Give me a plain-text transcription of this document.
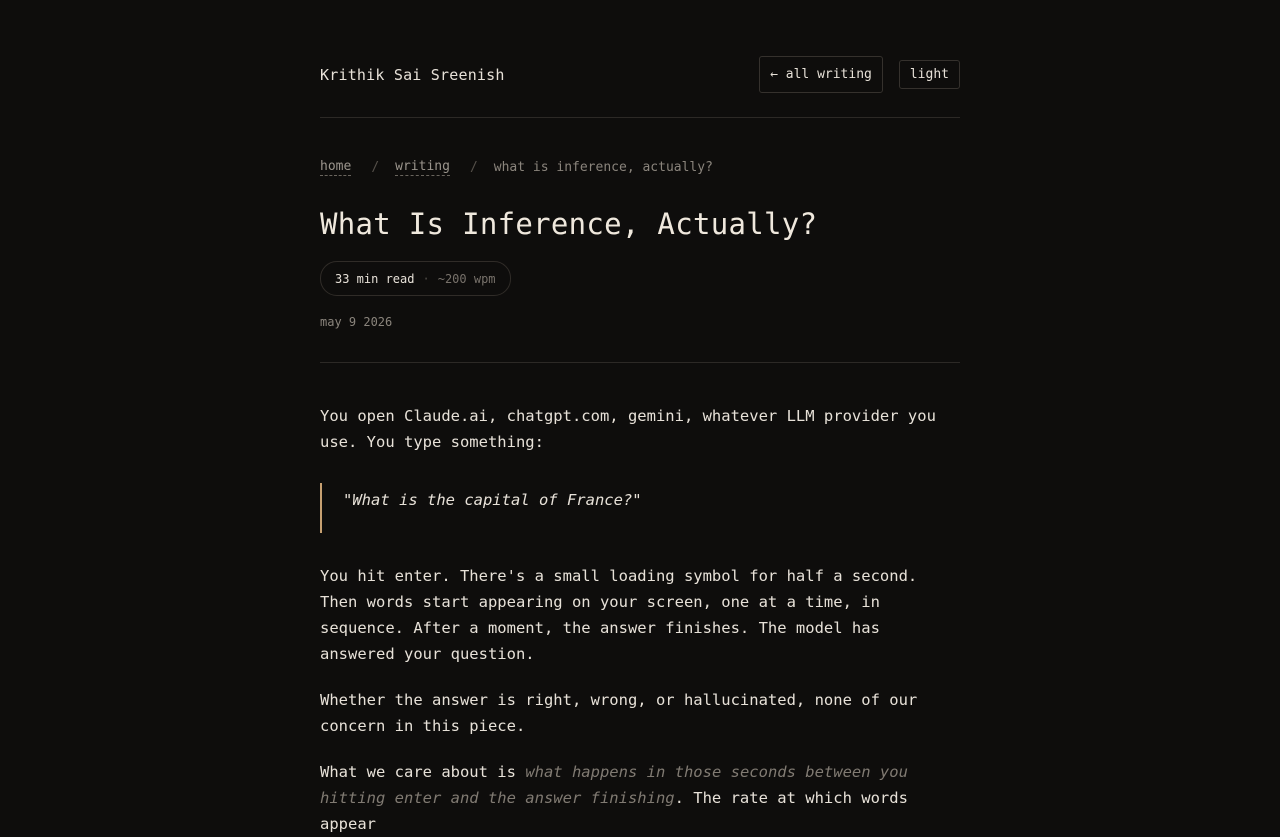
Krithik Sai Sreenish	← all writing	light
home / writing / what is inference, actually?
What Is Inference, Actually?
33 min read · ~200 wpm
may 9 2026

You open Claude.ai, chatgpt.com, gemini, whatever LLM provider you use. You type something:

"What is the capital of France?"

You hit enter. There's a small loading symbol for half a second. Then words start appearing on your screen, one at a time, in sequence. After a moment, the answer finishes. The model has answered your question.

Whether the answer is right, wrong, or hallucinated, none of our concern in this piece.

What we care about is what happens in those seconds between you hitting enter and the answer finishing. The rate at which words appear
